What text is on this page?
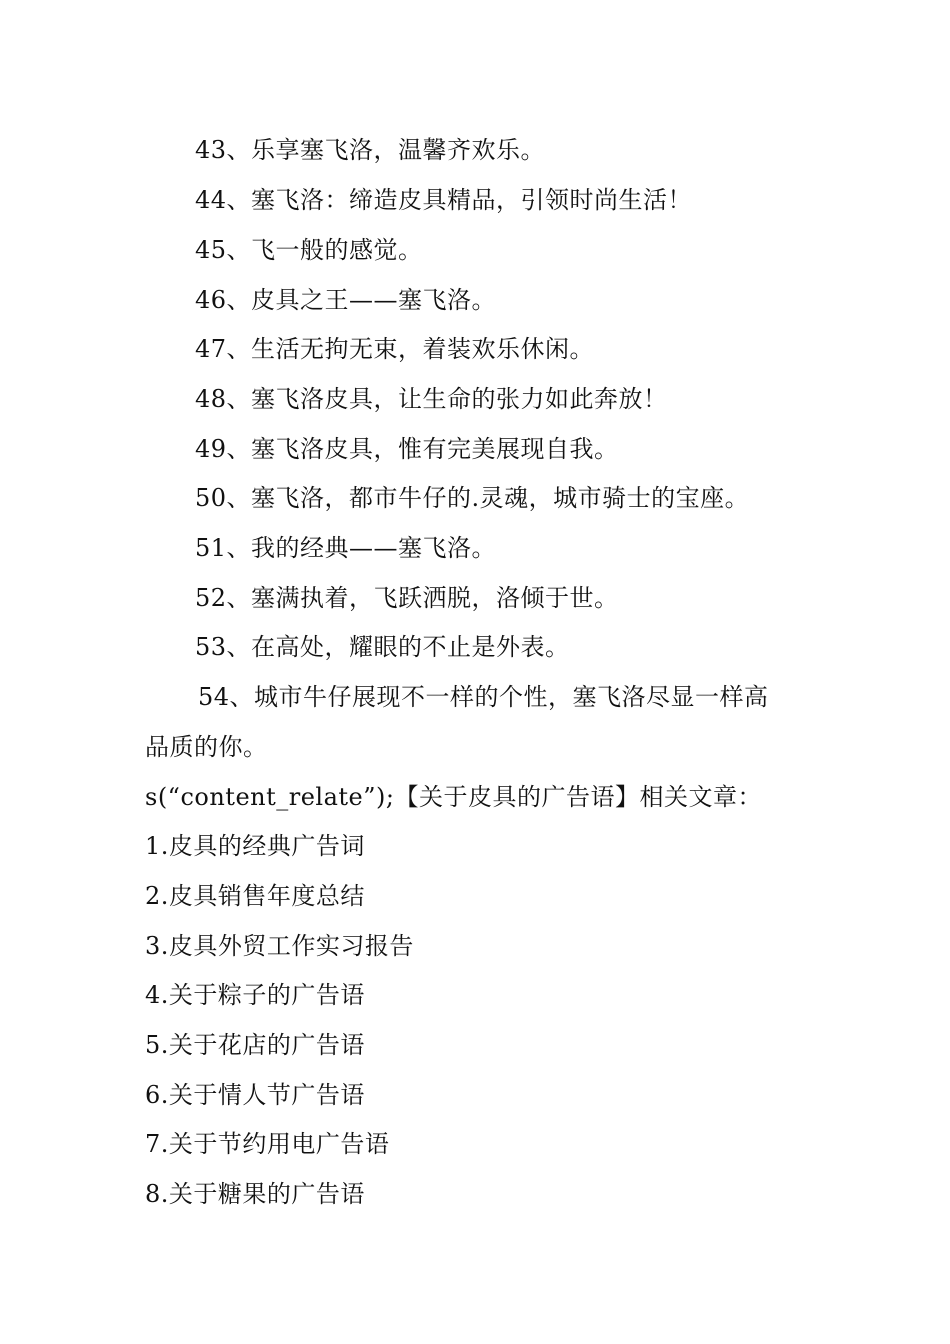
43、乐享塞飞洛，温馨齐欢乐。
44、塞飞洛：缔造皮具精品，引领时尚生活！
45、飞一般的感觉。
46、皮具之王——塞飞洛。
47、生活无拘无束，着装欢乐休闲。
48、塞飞洛皮具，让生命的张力如此奔放！
49、塞飞洛皮具，惟有完美展现自我。
50、塞飞洛，都市牛仔的.灵魂，城市骑士的宝座。
51、我的经典——塞飞洛。
52、塞满执着，飞跃洒脱，洛倾于世。
53、在高处，耀眼的不止是外表。
54、城市牛仔展现不一样的个性，塞飞洛尽显一样高
品质的你。
s(“content_relate”);【关于皮具的广告语】相关文章：
1.皮具的经典广告词
2.皮具销售年度总结
3.皮具外贸工作实习报告
4.关于粽子的广告语
5.关于花店的广告语
6.关于情人节广告语
7.关于节约用电广告语
8.关于糖果的广告语
